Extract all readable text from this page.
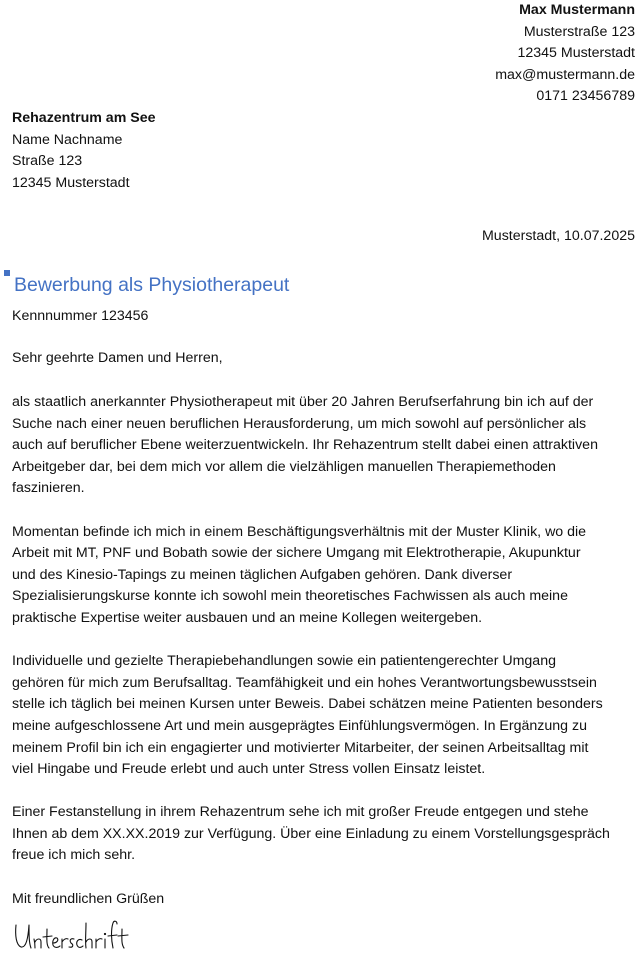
Max Mustermann
Musterstraße 123
12345 Musterstadt
max@mustermann.de
0171 23456789
Rehazentrum am See
Name Nachname
Straße 123
12345 Musterstadt
Musterstadt, 10.07.2025
Bewerbung als Physiotherapeut
Kennnummer 123456
Sehr geehrte Damen und Herren,
als staatlich anerkannter Physiotherapeut mit über 20 Jahren Berufserfahrung bin ich auf der
Suche nach einer neuen beruflichen Herausforderung, um mich sowohl auf persönlicher als
auch auf beruflicher Ebene weiterzuentwickeln. Ihr Rehazentrum stellt dabei einen attraktiven
Arbeitgeber dar, bei dem mich vor allem die vielzähligen manuellen Therapiemethoden
faszinieren.
Momentan befinde ich mich in einem Beschäftigungsverhältnis mit der Muster Klinik, wo die
Arbeit mit MT, PNF und Bobath sowie der sichere Umgang mit Elektrotherapie, Akupunktur
und des Kinesio-Tapings zu meinen täglichen Aufgaben gehören. Dank diverser
Spezialisierungskurse konnte ich sowohl mein theoretisches Fachwissen als auch meine
praktische Expertise weiter ausbauen und an meine Kollegen weitergeben.
Individuelle und gezielte Therapiebehandlungen sowie ein patientengerechter Umgang
gehören für mich zum Berufsalltag. Teamfähigkeit und ein hohes Verantwortungsbewusstsein
stelle ich täglich bei meinen Kursen unter Beweis. Dabei schätzen meine Patienten besonders
meine aufgeschlossene Art und mein ausgeprägtes Einfühlungsvermögen. In Ergänzung zu
meinem Profil bin ich ein engagierter und motivierter Mitarbeiter, der seinen Arbeitsalltag mit
viel Hingabe und Freude erlebt und auch unter Stress vollen Einsatz leistet.
Einer Festanstellung in ihrem Rehazentrum sehe ich mit großer Freude entgegen und stehe
Ihnen ab dem XX.XX.2019 zur Verfügung. Über eine Einladung zu einem Vorstellungsgespräch
freue ich mich sehr.
Mit freundlichen Grüßen
